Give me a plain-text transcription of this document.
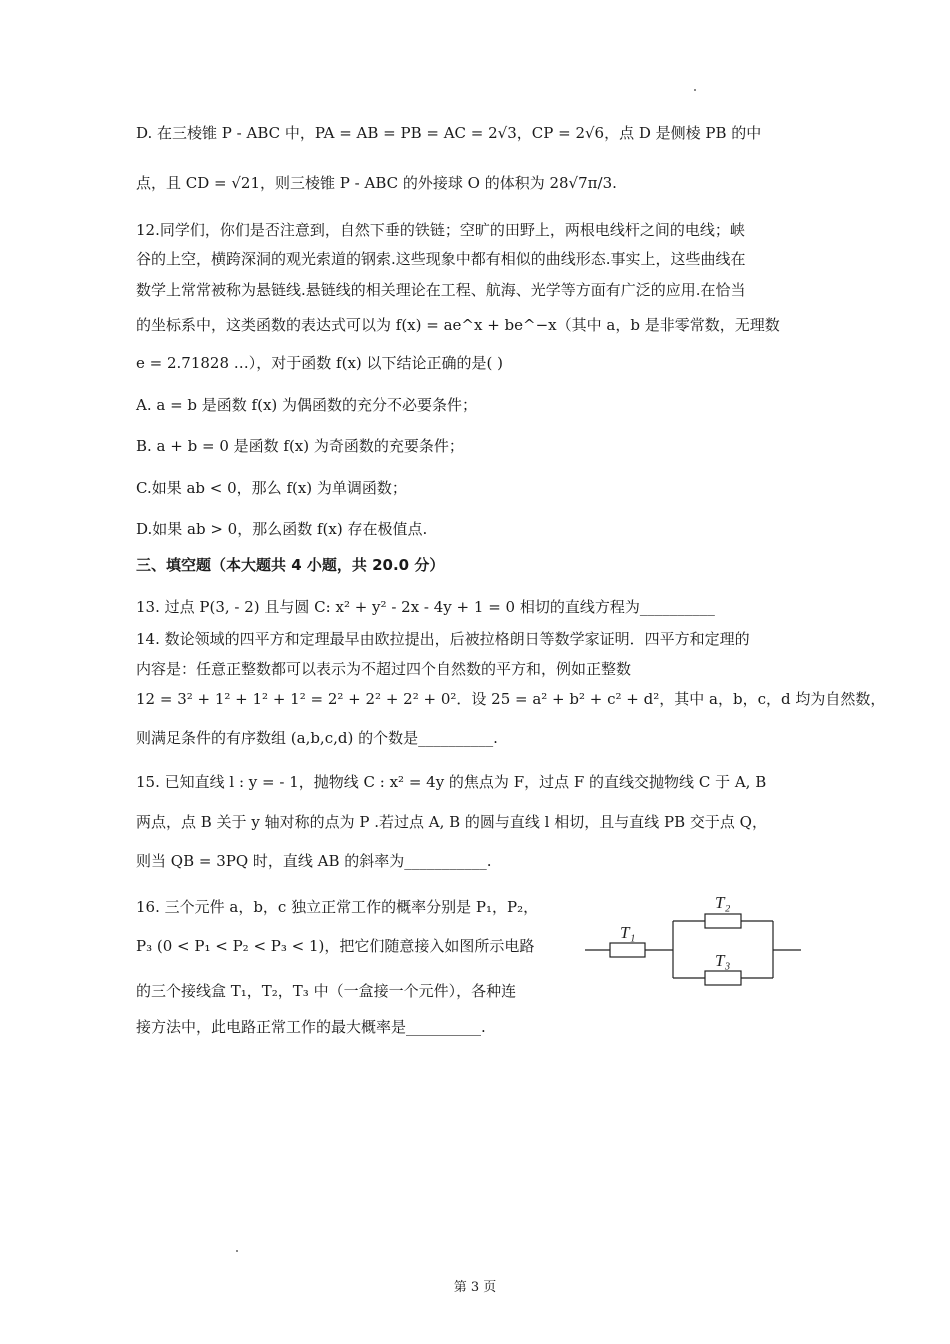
D. 在三棱锥 P - ABC 中，PA = AB = PB = AC = 2√3，CP = 2√6，点 D 是侧棱 PB 的中
点，且 CD = √21，则三棱锥 P - ABC 的外接球 O 的体积为 28√7π/3.
12.同学们，你们是否注意到，自然下垂的铁链；空旷的田野上，两根电线杆之间的电线；峡
谷的上空，横跨深洞的观光索道的钢索.这些现象中都有相似的曲线形态.事实上，这些曲线在
数学上常常被称为悬链线.悬链线的相关理论在工程、航海、光学等方面有广泛的应用.在恰当
的坐标系中，这类函数的表达式可以为 f(x) = ae^x + be^−x（其中 a，b 是非零常数，无理数
e = 2.71828 …），对于函数 f(x) 以下结论正确的是( )
A. a = b 是函数 f(x) 为偶函数的充分不必要条件；
B. a + b = 0 是函数 f(x) 为奇函数的充要条件；
C.如果 ab < 0，那么 f(x) 为单调函数；
D.如果 ab > 0，那么函数 f(x) 存在极值点.
三、填空题（本大题共 4 小题，共 20.0 分）
13. 过点 P(3, - 2) 且与圆 C: x² + y² - 2x - 4y + 1 = 0 相切的直线方程为__________
14. 数论领域的四平方和定理最早由欧拉提出，后被拉格朗日等数学家证明．四平方和定理的
内容是：任意正整数都可以表示为不超过四个自然数的平方和，例如正整数
12 = 3² + 1² + 1² + 1² = 2² + 2² + 2² + 0²．设 25 = a² + b² + c² + d²，其中 a，b，c，d 均为自然数，
则满足条件的有序数组 (a,b,c,d) 的个数是__________.
15. 已知直线 l : y = - 1，抛物线 C : x² = 4y 的焦点为 F，过点 F 的直线交抛物线 C 于 A, B
两点，点 B 关于 y 轴对称的点为 P .若过点 A, B 的圆与直线 l 相切，且与直线 PB 交于点 Q，
则当 QB = 3PQ 时，直线 AB 的斜率为___________.
16. 三个元件 a，b，c 独立正常工作的概率分别是 P₁，P₂，
P₃ (0 < P₁ < P₂ < P₃ < 1)，把它们随意接入如图所示电路
的三个接线盒 T₁，T₂，T₃ 中（一盒接一个元件），各种连
接方法中，此电路正常工作的最大概率是__________.
T₁
T₂
T₃
第 3 页
